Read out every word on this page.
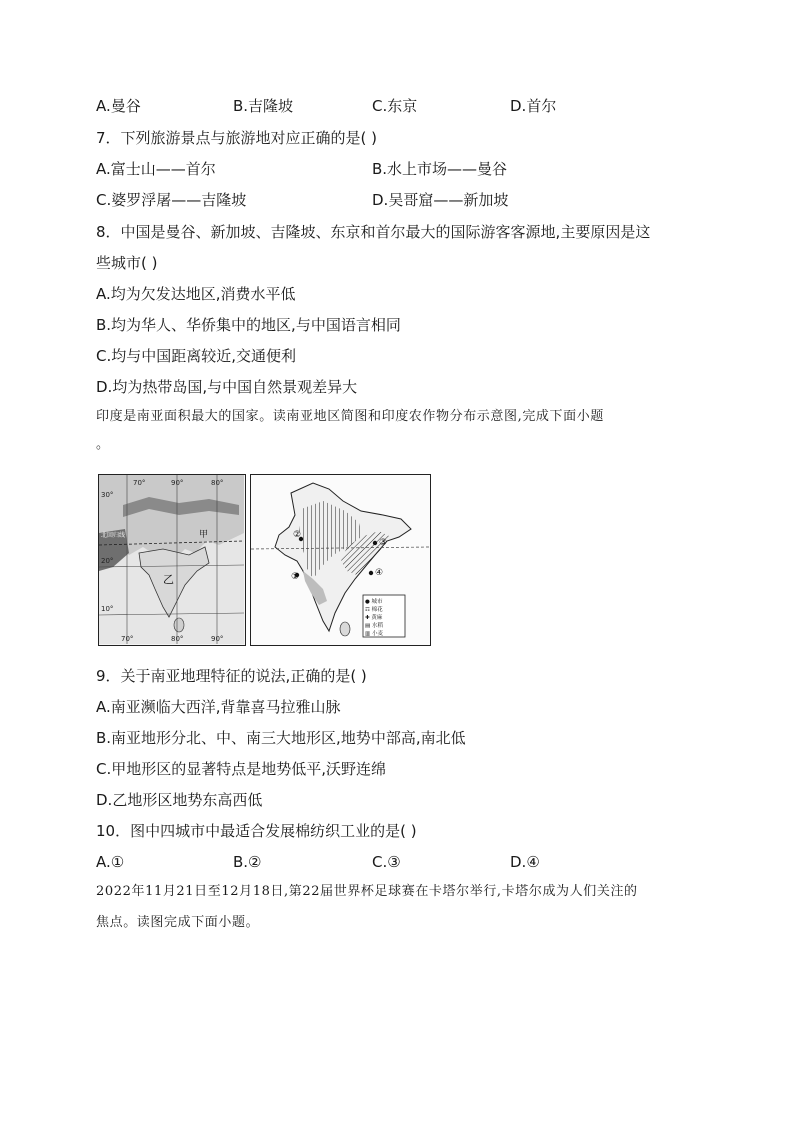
A.曼谷	B.吉隆坡	C.东京	D.首尔
7．下列旅游景点与旅游地对应正确的是( )
A.富士山——首尔	B.水上市场——曼谷
C.婆罗浮屠——吉隆坡	D.吴哥窟——新加坡
8．中国是曼谷、新加坡、吉隆坡、东京和首尔最大的国际游客客源地,主要原因是这
些城市( )
A.均为欠发达地区,消费水平低
B.均为华人、华侨集中的地区,与中国语言相同
C.均与中国距离较近,交通便利
D.均为热带岛国,与中国自然景观差异大
印度是南亚面积最大的国家。读南亚地区简图和印度农作物分布示意图,完成下面小题
。
70°	90°	80°
30°
北回归线
20°
10°
甲
乙
70°	80°	90°
①
②
③
④
● 城市
☶ 棉花
✚ 黄麻
▤ 水稻
▥ 小麦
9．关于南亚地理特征的说法,正确的是( )
A.南亚濒临大西洋,背靠喜马拉雅山脉
B.南亚地形分北、中、南三大地形区,地势中部高,南北低
C.甲地形区的显著特点是地势低平,沃野连绵
D.乙地形区地势东高西低
10．图中四城市中最适合发展棉纺织工业的是( )
A.①	B.②	C.③	D.④
2022年11月21日至12月18日,第22届世界杯足球赛在卡塔尔举行,卡塔尔成为人们关注的
焦点。读图完成下面小题。
